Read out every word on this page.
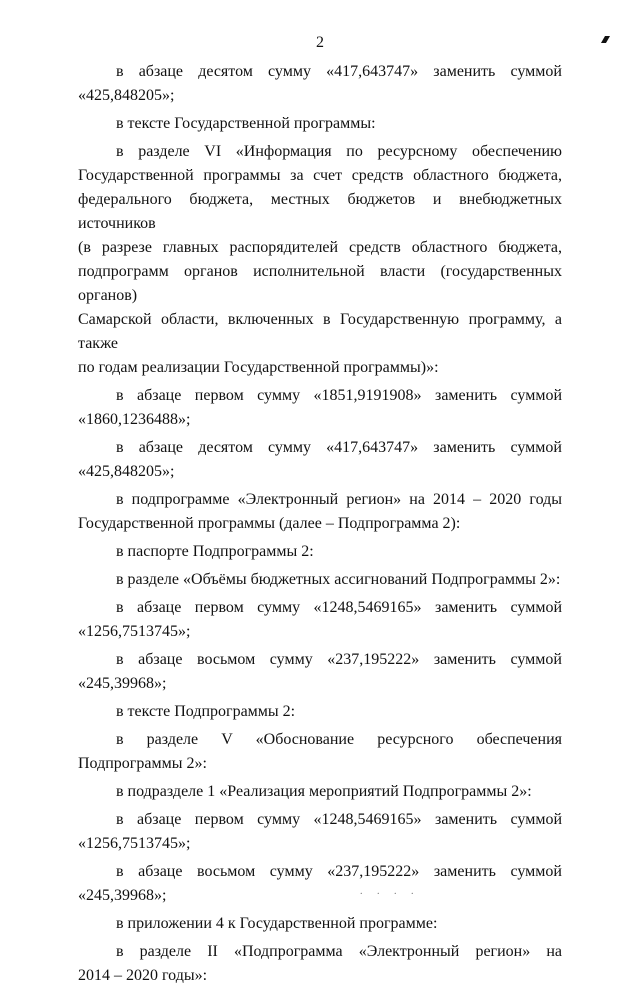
2
в абзаце десятом сумму «417,643747» заменить суммой
«425,848205»;
в тексте Государственной программы:
в разделе VI «Информация по ресурсному обеспечению
Государственной программы за счет средств областного бюджета,
федерального бюджета, местных бюджетов и внебюджетных источников
(в разрезе главных распорядителей средств областного бюджета,
подпрограмм органов исполнительной власти (государственных органов)
Самарской области, включенных в Государственную программу, а также
по годам реализации Государственной программы)»:
в абзаце первом сумму «1851,9191908» заменить суммой
«1860,1236488»;
в абзаце десятом сумму «417,643747» заменить суммой
«425,848205»;
в подпрограмме «Электронный регион» на 2014 – 2020 годы
Государственной программы (далее – Подпрограмма 2):
в паспорте Подпрограммы 2:
в разделе «Объёмы бюджетных ассигнований Подпрограммы 2»:
в абзаце первом сумму «1248,5469165» заменить суммой
«1256,7513745»;
в абзаце восьмом сумму «237,195222» заменить суммой
«245,39968»;
в тексте Подпрограммы 2:
в разделе V «Обоснование ресурсного обеспечения Подпрограммы 2»:
в подразделе 1 «Реализация мероприятий Подпрограммы 2»:
в абзаце первом сумму «1248,5469165» заменить суммой
«1256,7513745»;
в абзаце восьмом сумму «237,195222» заменить суммой
«245,39968»;
в приложении 4 к Государственной программе:
в разделе II «Подпрограмма «Электронный регион» на
2014 – 2020 годы»:
. . . .
